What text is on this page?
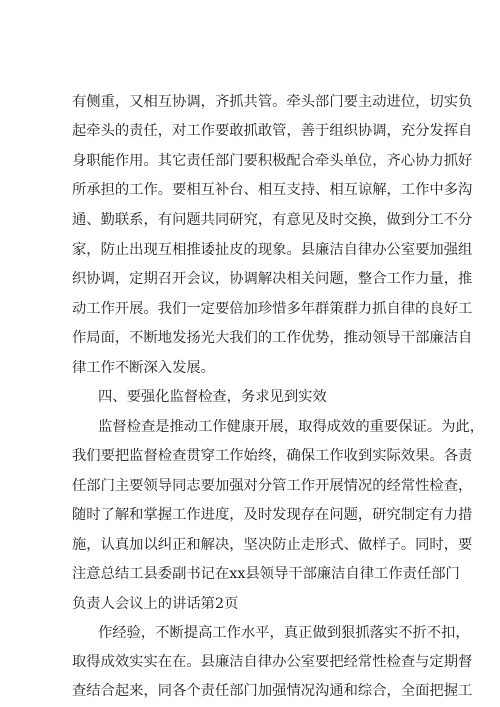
有侧重，又相互协调，齐抓共管。牵头部门要主动进位，切实负
起牵头的责任，对工作要敢抓敢管，善于组织协调，充分发挥自
身职能作用。其它责任部门要积极配合牵头单位，齐心协力抓好
所承担的工作。要相互补台、相互支持、相互谅解，工作中多沟
通、勤联系，有问题共同研究，有意见及时交换，做到分工不分
家，防止出现互相推诿扯皮的现象。县廉洁自律办公室要加强组
织协调，定期召开会议，协调解决相关问题，整合工作力量，推
动工作开展。我们一定要倍加珍惜多年群策群力抓自律的良好工
作局面，不断地发扬光大我们的工作优势，推动领导干部廉洁自
律工作不断深入发展。
四、要强化监督检查，务求见到实效
监督检查是推动工作健康开展，取得成效的重要保证。为此，
我们要把监督检查贯穿工作始终，确保工作收到实际效果。各责
任部门主要领导同志要加强对分管工作开展情况的经常性检查，
随时了解和掌握工作进度，及时发现存在问题，研究制定有力措
施，认真加以纠正和解决，坚决防止走形式、做样子。同时，要
注意总结工县委副书记在xx县领导干部廉洁自律工作责任部门
负责人会议上的讲话第2页
作经验，不断提高工作水平，真正做到狠抓落实不折不扣，
取得成效实实在在。县廉洁自律办公室要把经常性检查与定期督
查结合起来，同各个责任部门加强情况沟通和综合，全面把握工
